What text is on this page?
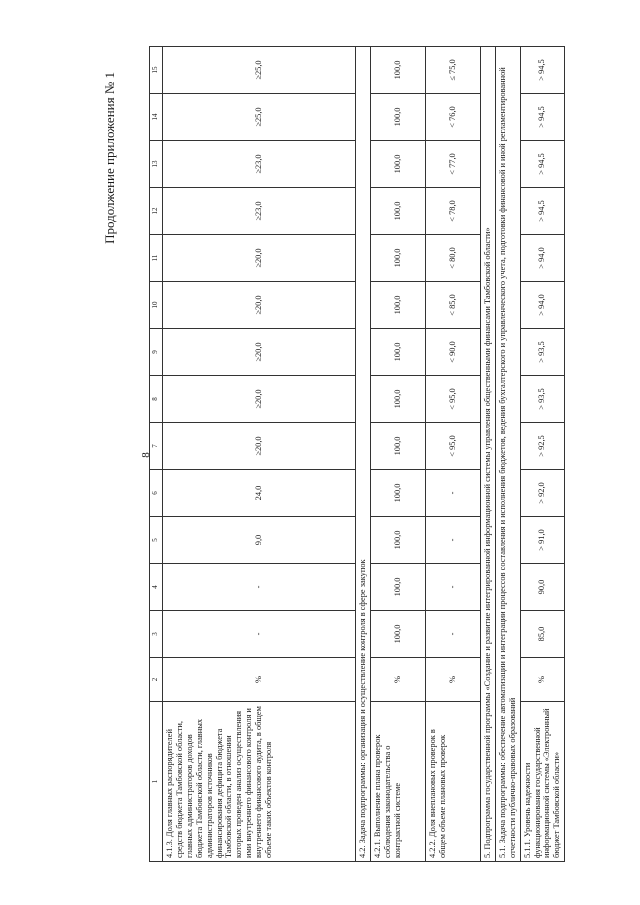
8
Продолжение приложения № 1
1	2	3	4	5	6	7	8	9	10	11	12	13	14	15
4.1.3. Доля главных распорядителей средств бюджета Тамбовской области, главных администраторов доходов бюджета Тамбовской области, главных администраторов источников финансирования дефицита бюджета Тамбовской области, в отношении которых проведен анализ осуществления ими внутреннего финансового контроля и внутреннего финансового аудита, в общем объеме таких объектов контроля	%	-	-	9,0	24,0	≥20,0	≥20,0	≥20,0	≥20,0	≥20,0	≥23,0	≥23,0	≥25,0	≥25,0
4.2. Задача подпрограммы: организация и осуществление контроля в сфере закупок														
4.2.1. Выполнение плана проверок соблюдения законодательства о контрактной системе	%	100,0	100,0	100,0	100,0	100,0	100,0	100,0	100,0	100,0	100,0	100,0	100,0	100,0
4.2.2. Доля внеплановых проверок в общем объеме плановых проверок	%	-	-	-	-	< 95,0	< 95,0	< 90,0	< 85,0	< 80,0	< 78,0	< 77,0	< 76,0	≤ 75,0
5. Подпрограмма государственной программы «Создание и развитие интегрированной информационной системы управления общественными финансами Тамбовской области»														
5.1. Задача подпрограммы: обеспечение автоматизации и интеграции процессов составления и исполнения бюджетов, ведения бухгалтерского и управленческого учета, подготовки финансовой и иной регламентированной отчетности публично-правовых образований														
5.1.1. Уровень надежности функционирования государственной информационной системы «Электронный бюджет Тамбовской области»	%	85,0	90,0	> 91,0	> 92,0	> 92,5	> 93,5	> 93,5	> 94,0	> 94,0	> 94,5	> 94,5	> 94,5	> 94,5
